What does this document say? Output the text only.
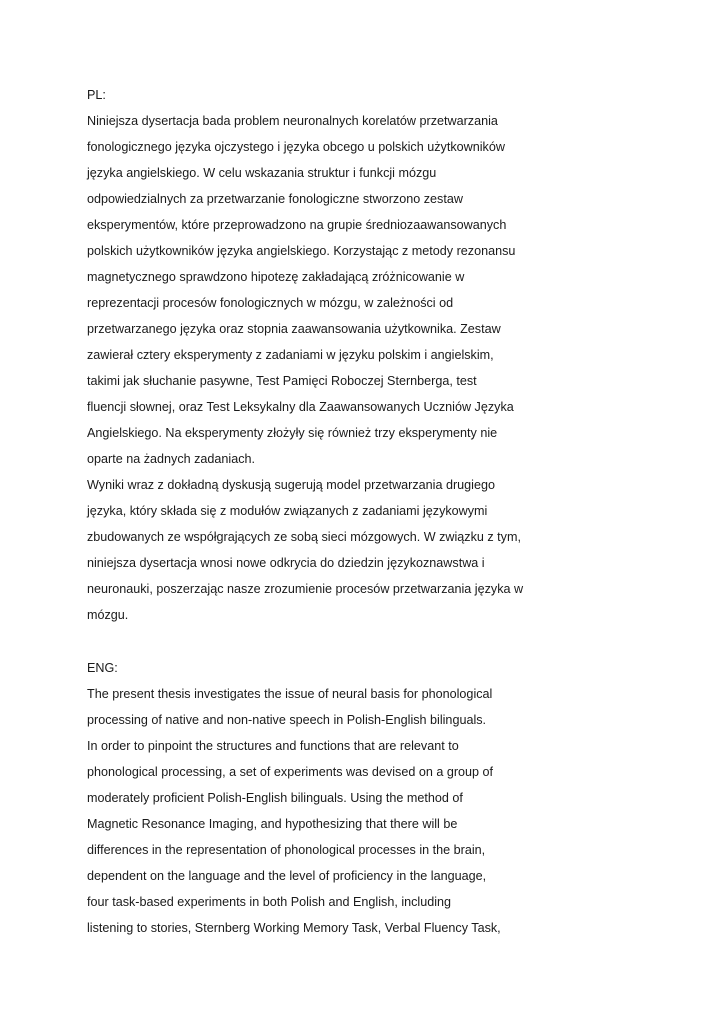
PL:
Niniejsza dysertacja bada problem neuronalnych korelatów przetwarzania
fonologicznego języka ojczystego i języka obcego u polskich użytkowników
języka angielskiego. W celu wskazania struktur i funkcji mózgu
odpowiedzialnych za przetwarzanie fonologiczne stworzono zestaw
eksperymentów, które przeprowadzono na grupie średniozaawansowanych
polskich użytkowników języka angielskiego. Korzystając z metody rezonansu
magnetycznego sprawdzono hipotezę zakładającą zróżnicowanie w
reprezentacji procesów fonologicznych w mózgu, w zależności od
przetwarzanego języka oraz stopnia zaawansowania użytkownika. Zestaw
zawierał cztery eksperymenty z zadaniami w języku polskim i angielskim,
takimi jak słuchanie pasywne, Test Pamięci Roboczej Sternberga, test
fluencji słownej, oraz Test Leksykalny dla Zaawansowanych Uczniów Języka
Angielskiego. Na eksperymenty złożyły się również trzy eksperymenty nie
oparte na żadnych zadaniach.
Wyniki wraz z dokładną dyskusją sugerują model przetwarzania drugiego
języka, który składa się z modułów związanych z zadaniami językowymi
zbudowanych ze współgrających ze sobą sieci mózgowych. W związku z tym,
niniejsza dysertacja wnosi nowe odkrycia do dziedzin językoznawstwa i
neuronauki, poszerzając nasze zrozumienie procesów przetwarzania języka w
mózgu.
ENG:
The present thesis investigates the issue of neural basis for phonological
processing of native and non-native speech in Polish-English bilinguals.
In order to pinpoint the structures and functions that are relevant to
phonological processing, a set of experiments was devised on a group of
moderately proficient Polish-English bilinguals. Using the method of
Magnetic Resonance Imaging, and hypothesizing that there will be
differences in the representation of phonological processes in the brain,
dependent on the language and the level of proficiency in the language,
four task-based experiments in both Polish and English, including
listening to stories, Sternberg Working Memory Task, Verbal Fluency Task,
